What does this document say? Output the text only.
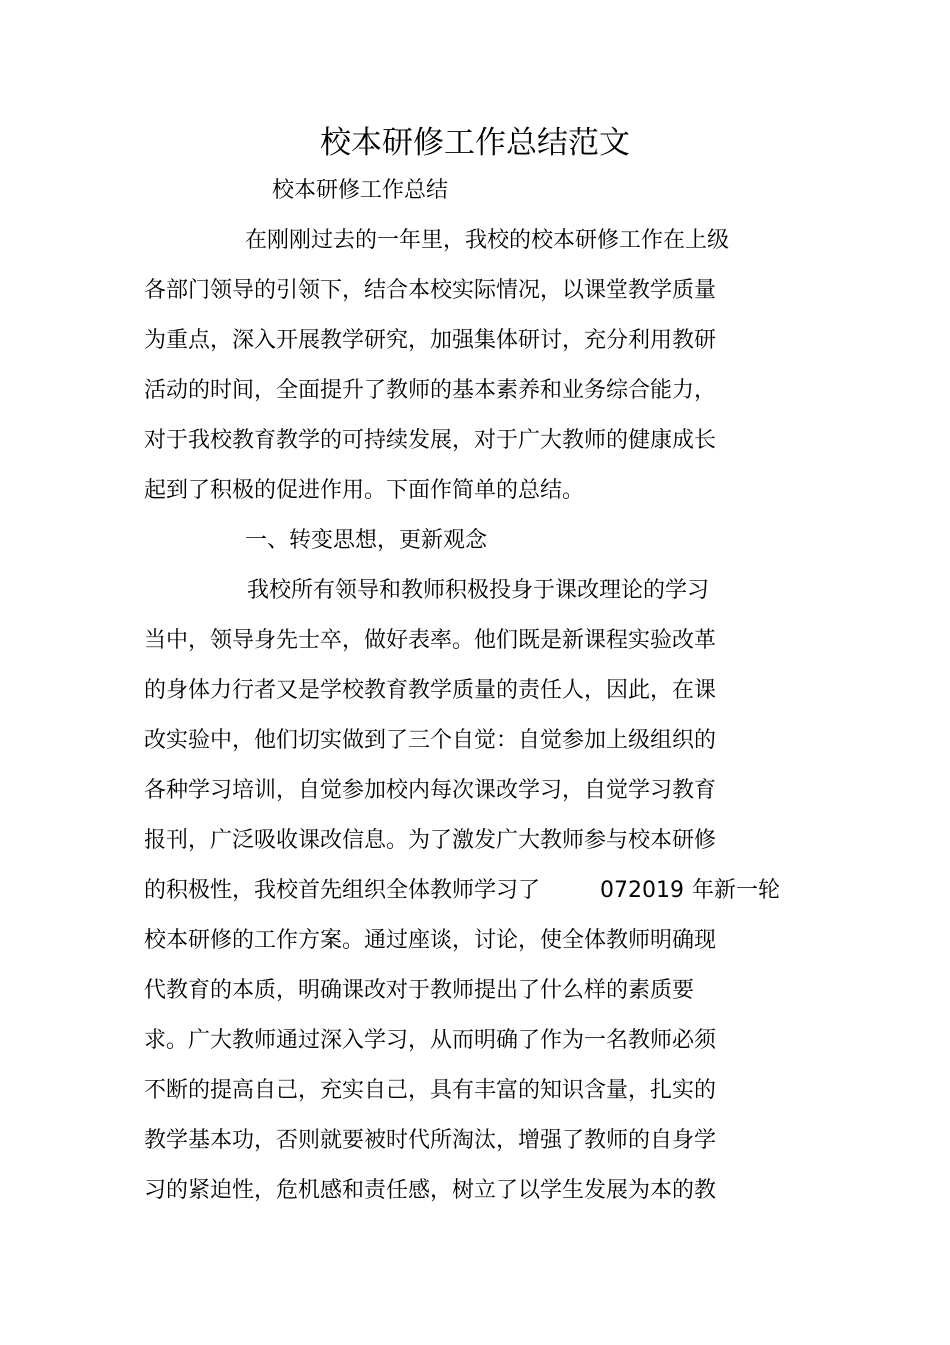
校本研修工作总结范文
校本研修工作总结
在刚刚过去的一年里，我校的校本研修工作在上级
各部门领导的引领下，结合本校实际情况，以课堂教学质量
为重点，深入开展教学研究，加强集体研讨，充分利用教研
活动的时间，全面提升了教师的基本素养和业务综合能力，
对于我校教育教学的可持续发展，对于广大教师的健康成长
起到了积极的促进作用。下面作简单的总结。
一、转变思想，更新观念
我校所有领导和教师积极投身于课改理论的学习
当中，领导身先士卒，做好表率。他们既是新课程实验改革
的身体力行者又是学校教育教学质量的责任人，因此，在课
改实验中，他们切实做到了三个自觉：自觉参加上级组织的
各种学习培训，自觉参加校内每次课改学习，自觉学习教育
报刊，广泛吸收课改信息。为了激发广大教师参与校本研修
的积极性，我校首先组织全体教师学习了	072019 年新一轮
校本研修的工作方案。通过座谈，讨论，使全体教师明确现
代教育的本质，明确课改对于教师提出了什么样的素质要
求。广大教师通过深入学习，从而明确了作为一名教师必须
不断的提高自己，充实自己，具有丰富的知识含量，扎实的
教学基本功，否则就要被时代所淘汰，增强了教师的自身学
习的紧迫性，危机感和责任感，树立了以学生发展为本的教
